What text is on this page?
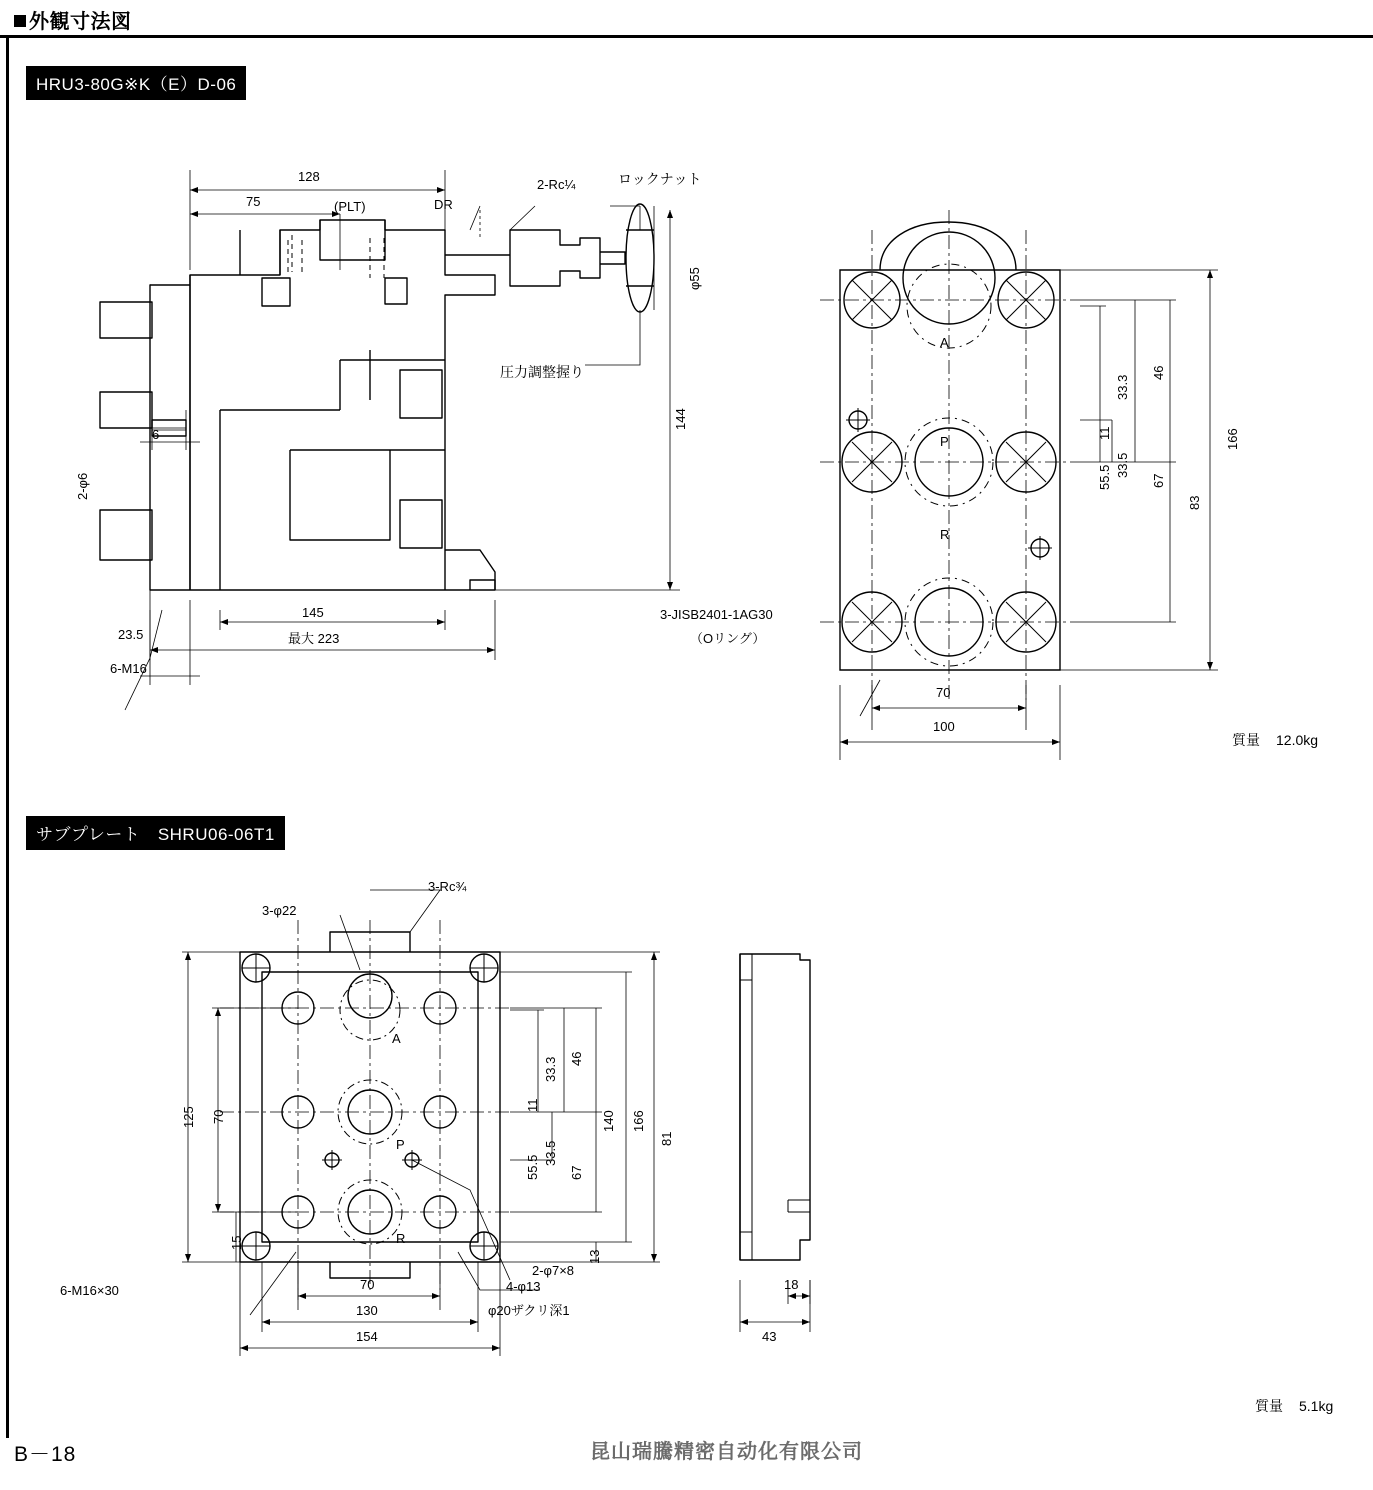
外観寸法図
HRU3-80G※K（E）D-06
128
75	(PLT)	DR
2-Rc¼	ロックナット
圧力調整握り
φ55
144
6
2-φ6
145
最大 223
23.5
6-M16
A
P
R
33.3
11
33.5
55.5
46
67
83
166
70
100
3-JISB2401-1AG30
（Oリング）
質量 12.0kg
サブプレート　SHRU06-06T1
3-φ22
3-Rc¾
A
P
R
125 70
15
70
130
154
33.3
11
33.5
55.5
46
67
140 166
81
13
6-M16×30	4-φ13
φ20ザクリ深1
2-φ7×8
18
43
質量 5.1kg
B－18	昆山瑞騰精密自动化有限公司
